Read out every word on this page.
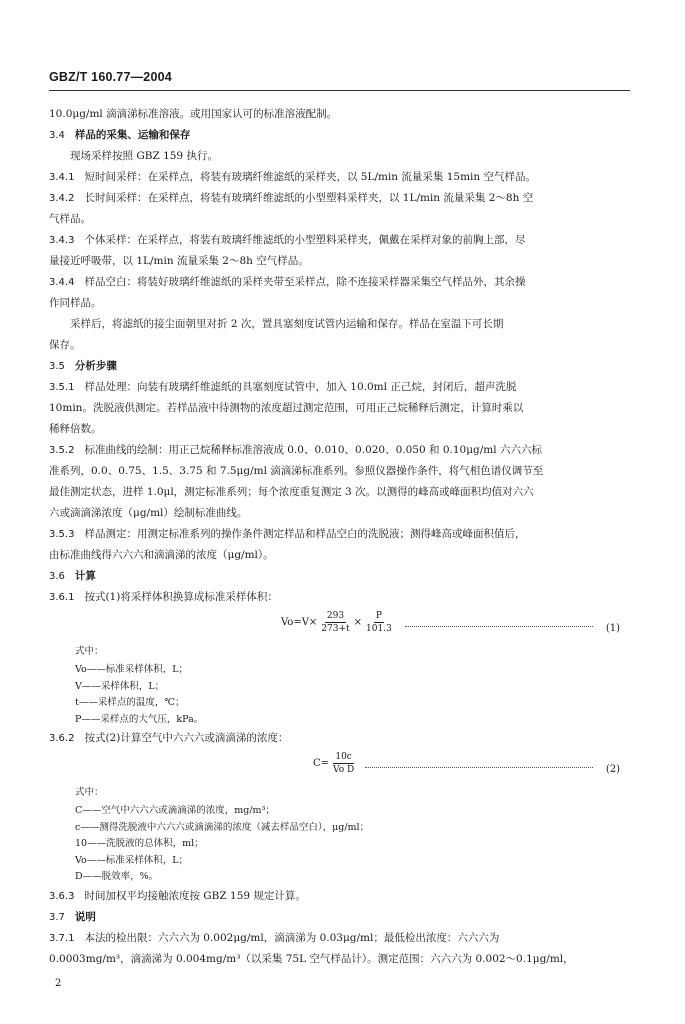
GBZ/T 160.77—2004

10.0μg/ml 滴滴涕标准溶液。或用国家认可的标准溶液配制。

3.4 样品的采集、运输和保存

现场采样按照 GBZ 159 执行。

3.4.1 短时间采样：在采样点，将装有玻璃纤维滤纸的采样夹，以 5L/min 流量采集 15min 空气样品。

3.4.2 长时间采样：在采样点，将装有玻璃纤维滤纸的小型塑料采样夹，以 1L/min 流量采集 2～8h 空

气样品。

3.4.3 个体采样：在采样点，将装有玻璃纤维滤纸的小型塑料采样夹，佩戴在采样对象的前胸上部，尽

量接近呼吸带，以 1L/min 流量采集 2～8h 空气样品。

3.4.4 样品空白：将装好玻璃纤维滤纸的采样夹带至采样点，除不连接采样器采集空气样品外，其余操

作同样品。

采样后，将滤纸的接尘面朝里对折 2 次，置具塞刻度试管内运输和保存。样品在室温下可长期

保存。

3.5 分析步骤

3.5.1 样品处理：向装有玻璃纤维滤纸的具塞刻度试管中，加入 10.0ml 正己烷，封闭后，超声洗脱

10min。洗脱液供测定。若样品液中待测物的浓度超过测定范围，可用正己烷稀释后测定，计算时乘以

稀释倍数。

3.5.2 标准曲线的绘制：用正己烷稀释标准溶液成 0.0、0.010、0.020、0.050 和 0.10μg/ml 六六六标

准系列，0.0、0.75、1.5、3.75 和 7.5μg/ml 滴滴涕标准系列。参照仪器操作条件，将气相色谱仪调节至

最佳测定状态，进样 1.0μl，测定标准系列；每个浓度重复测定 3 次。以测得的峰高或峰面积均值对六六

六或滴滴涕浓度（μg/ml）绘制标准曲线。

3.5.3 样品测定：用测定标准系列的操作条件测定样品和样品空白的洗脱液；测得峰高或峰面积值后，

由标准曲线得六六六和滴滴涕的浓度（μg/ml）。

3.6 计算

3.6.1 按式(1)将采样体积换算成标准采样体积：

$Vo=V\times \frac{293}{273+t} \times \frac{P}{101.3}$	(1)
式中：
Vo——标准采样体积，L；
V——采样体积，L；
t——采样点的温度，℃；
P——采样点的大气压，kPa。

3.6.2 按式(2)计算空气中六六六或滴滴涕的浓度：

$C= \frac{10c}{\text{Vo D}}$	(2)
式中：
C——空气中六六六或滴滴涕的浓度，mg/m³；
c——测得洗脱液中六六六或滴滴涕的浓度（减去样品空白），μg/ml；
10——洗脱液的总体积，ml；
Vo——标准采样体积，L；
D——脱效率，%。

3.6.3 时间加权平均接触浓度按 GBZ 159 规定计算。

3.7 说明

3.7.1 本法的检出限：六六六为 0.002μg/ml，滴滴涕为 0.03μg/ml；最低检出浓度：六六六为

0.0003mg/m³，滴滴涕为 0.004mg/m³（以采集 75L 空气样品计）。测定范围：六六六为 0.002～0.1μg/ml，

2
